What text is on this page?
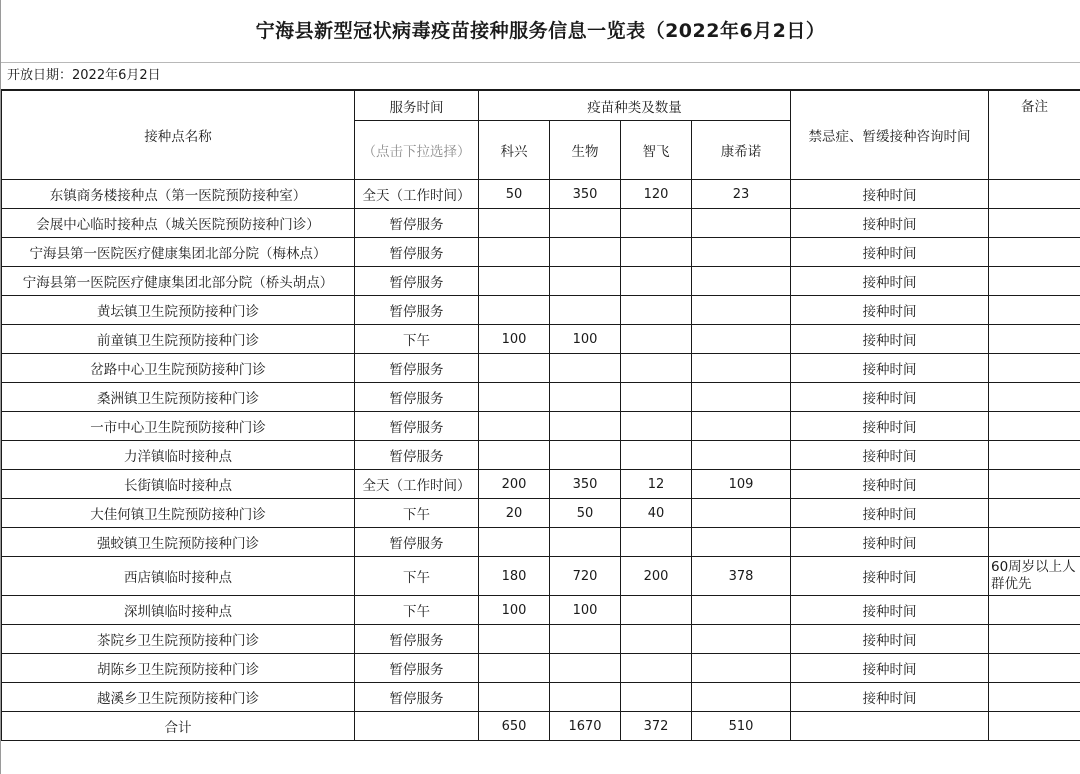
宁海县新型冠状病毒疫苗接种服务信息一览表（2022年6月2日）
开放日期：2022年6月2日
接种点名称	服务时间	疫苗种类及数量				禁忌症、暂缓接种咨询时间	备注
	（点击下拉选择）	科兴	生物	智飞	康希诺		
东镇商务楼接种点（第一医院预防接种室）	全天（工作时间）	50	350	120	23	接种时间	
会展中心临时接种点（城关医院预防接种门诊）	暂停服务					接种时间	
宁海县第一医院医疗健康集团北部分院（梅林点）	暂停服务					接种时间	
宁海县第一医院医疗健康集团北部分院（桥头胡点）	暂停服务					接种时间	
黄坛镇卫生院预防接种门诊	暂停服务					接种时间	
前童镇卫生院预防接种门诊	下午	100	100			接种时间	
岔路中心卫生院预防接种门诊	暂停服务					接种时间	
桑洲镇卫生院预防接种门诊	暂停服务					接种时间	
一市中心卫生院预防接种门诊	暂停服务					接种时间	
力洋镇临时接种点	暂停服务					接种时间	
长街镇临时接种点	全天（工作时间）	200	350	12	109	接种时间	
大佳何镇卫生院预防接种门诊	下午	20	50	40		接种时间	
强蛟镇卫生院预防接种门诊	暂停服务					接种时间	
西店镇临时接种点	下午	180	720	200	378	接种时间	60周岁以上人群优先
深圳镇临时接种点	下午	100	100			接种时间	
茶院乡卫生院预防接种门诊	暂停服务					接种时间	
胡陈乡卫生院预防接种门诊	暂停服务					接种时间	
越溪乡卫生院预防接种门诊	暂停服务					接种时间	
合计		650	1670	372	510		
